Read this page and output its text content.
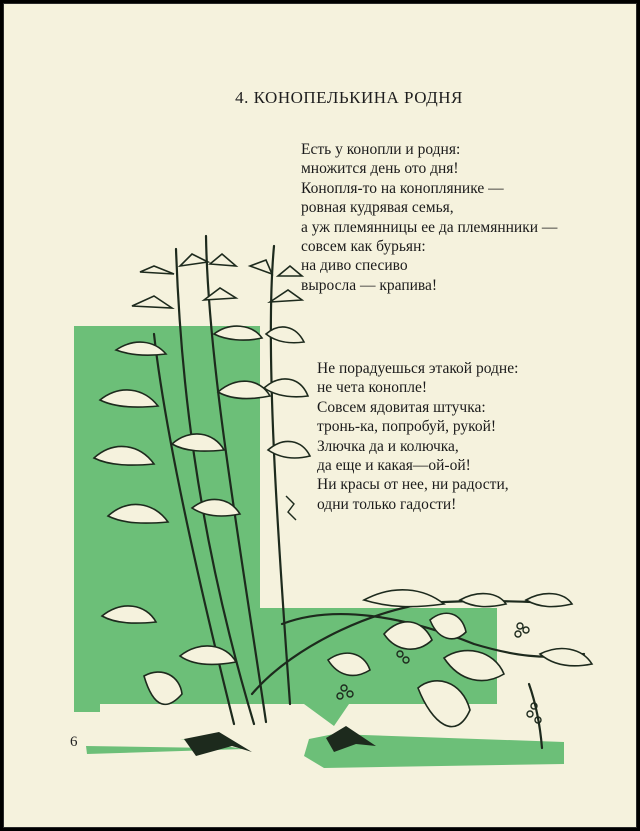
4. КОНОПЕЛЬКИНА РОДНЯ
Есть у конопли и родня:
множится день ото дня!
Конопля-то на коноплянике —
ровная кудрявая семья,
а уж племянницы ее да племянники —
совсем как бурьян:
на диво спесиво
выросла — крапива!
Не порадуешься этакой родне:
не чета конопле!
Совсем ядовитая штучка:
тронь-ка, попробуй, рукой!
Злючка да и колючка,
да еще и какая—ой-ой!
Ни красы от нее, ни радости,
одни только гадости!
6
